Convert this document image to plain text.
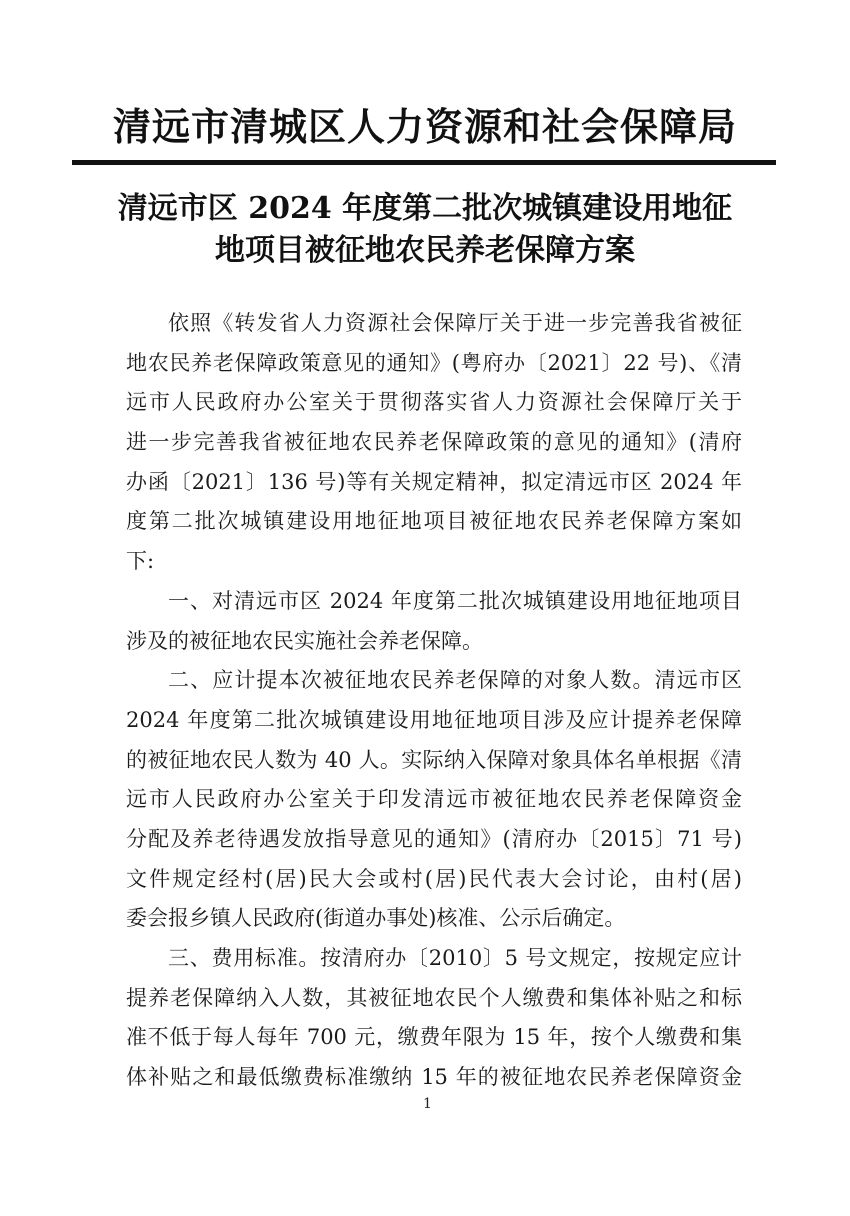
清远市清城区人力资源和社会保障局
清远市区 2024 年度第二批次城镇建设用地征
地项目被征地农民养老保障方案
依照《转发省人力资源社会保障厅关于进一步完善我省被征
地农民养老保障政策意见的通知》(粤府办〔2021〕22 号)、《清
远市人民政府办公室关于贯彻落实省人力资源社会保障厅关于
进一步完善我省被征地农民养老保障政策的意见的通知》(清府
办函〔2021〕136 号)等有关规定精神，拟定清远市区 2024 年
度第二批次城镇建设用地征地项目被征地农民养老保障方案如
下:
一、对清远市区 2024 年度第二批次城镇建设用地征地项目
涉及的被征地农民实施社会养老保障。
二、应计提本次被征地农民养老保障的对象人数。清远市区
2024 年度第二批次城镇建设用地征地项目涉及应计提养老保障
的被征地农民人数为 40 人。实际纳入保障对象具体名单根据《清
远市人民政府办公室关于印发清远市被征地农民养老保障资金
分配及养老待遇发放指导意见的通知》(清府办〔2015〕71 号)
文件规定经村(居)民大会或村(居)民代表大会讨论，由村(居)
委会报乡镇人民政府(街道办事处)核准、公示后确定。
三、费用标准。按清府办〔2010〕5 号文规定，按规定应计
提养老保障纳入人数，其被征地农民个人缴费和集体补贴之和标
准不低于每人每年 700 元，缴费年限为 15 年，按个人缴费和集
体补贴之和最低缴费标准缴纳 15 年的被征地农民养老保障资金
1
